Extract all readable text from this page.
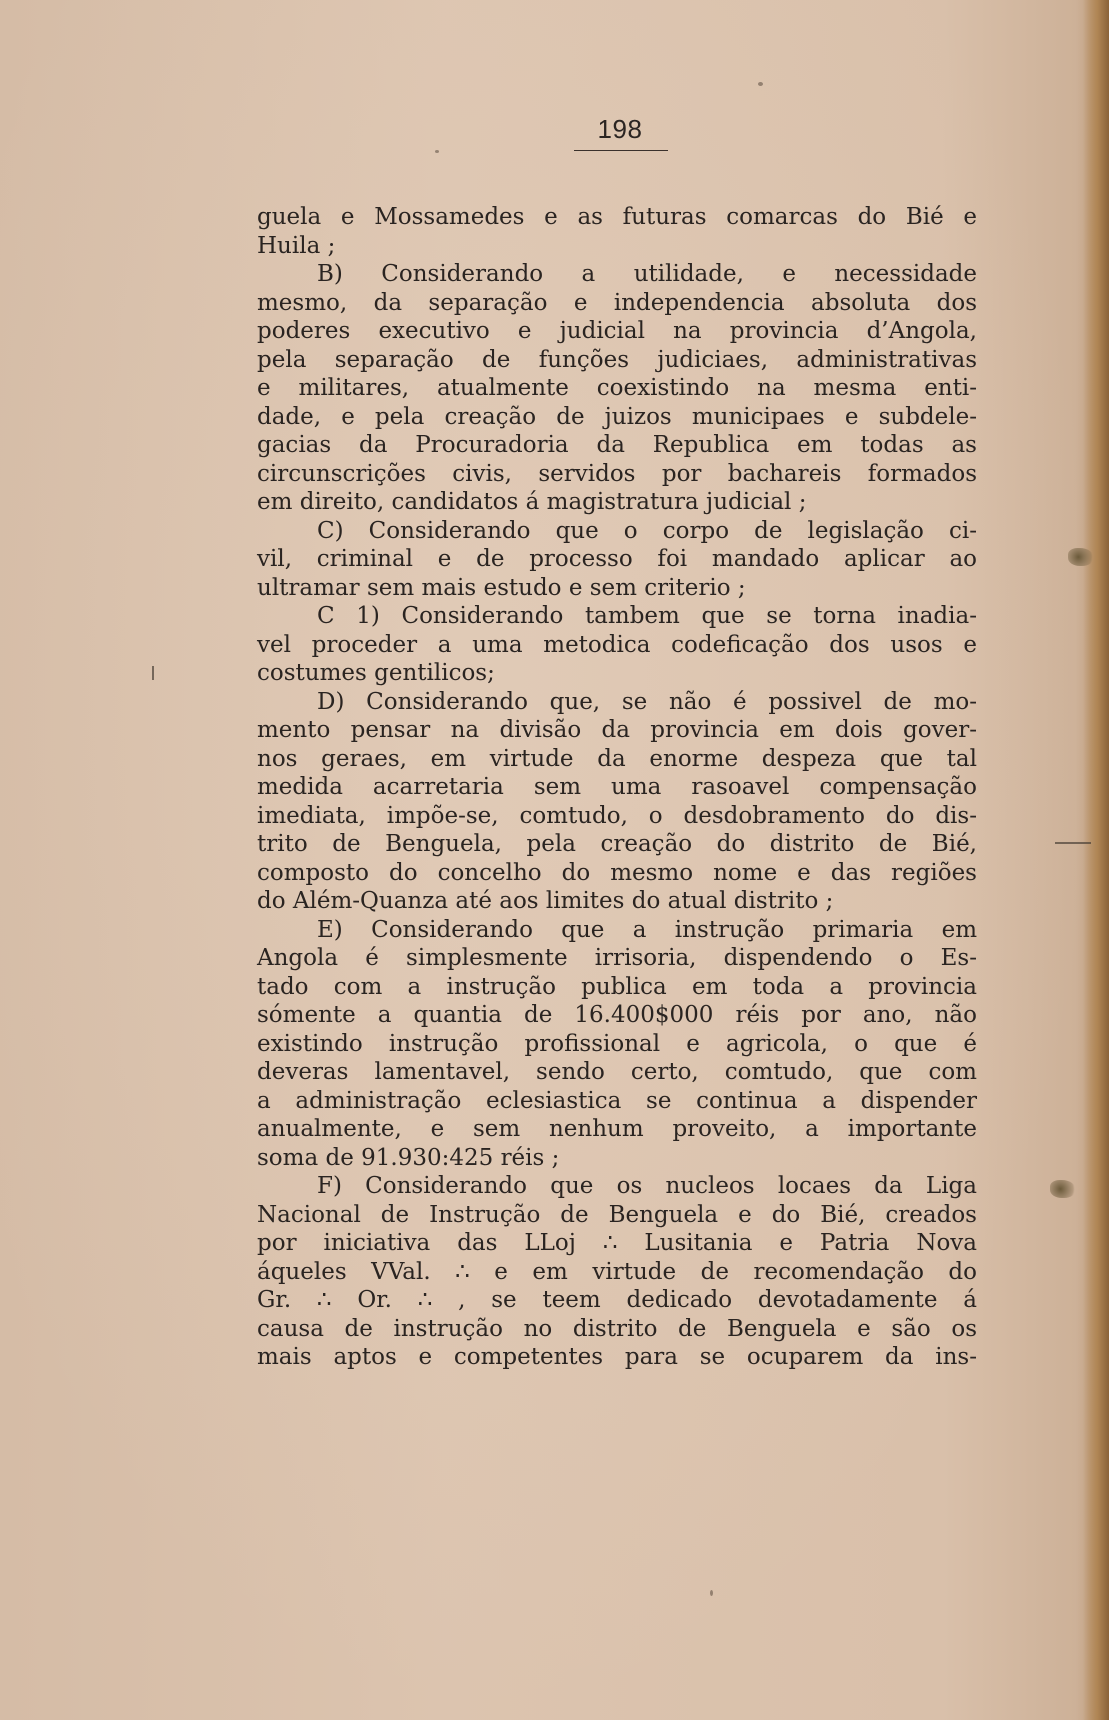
198
guela e Mossamedes e as futuras comarcas do Bié e
Huila ;
B) Considerando a utilidade, e necessidade
mesmo, da separação e independencia absoluta dos
poderes executivo e judicial na provincia d’Angola,
pela separação de funções judiciaes, administrativas
e militares, atualmente coexistindo na mesma enti-
dade, e pela creação de juizos municipaes e subdele-
gacias da Procuradoria da Republica em todas as
circunscrições civis, servidos por bachareis formados
em direito, candidatos á magistratura judicial ;
C) Considerando que o corpo de legislação ci-
vil, criminal e de processo foi mandado aplicar ao
ultramar sem mais estudo e sem criterio ;
C 1) Considerando tambem que se torna inadia-
vel proceder a uma metodica codeficação dos usos e
costumes gentilicos;
D) Considerando que, se não é possivel de mo-
mento pensar na divisão da provincia em dois gover-
nos geraes, em virtude da enorme despeza que tal
medida acarretaria sem uma rasoavel compensação
imediata, impõe-se, comtudo, o desdobramento do dis-
trito de Benguela, pela creação do distrito de Bié,
composto do concelho do mesmo nome e das regiões
do Além-Quanza até aos limites do atual distrito ;
E) Considerando que a instrução primaria em
Angola é simplesmente irrisoria, dispendendo o Es-
tado com a instrução publica em toda a provincia
sómente a quantia de 16.400$000 réis por ano, não
existindo instrução profissional e agricola, o que é
deveras lamentavel, sendo certo, comtudo, que com
a administração eclesiastica se continua a dispender
anualmente, e sem nenhum proveito, a importante
soma de 91.930:425 réis ;
F) Considerando que os nucleos locaes da Liga
Nacional de Instrução de Benguela e do Bié, creados
por iniciativa das LLoj ∴ Lusitania e Patria Nova
áqueles VVal. ∴ e em virtude de recomendação do
Gr. ∴ Or. ∴ , se teem dedicado devotadamente á
causa de instrução no distrito de Benguela e são os
mais aptos e competentes para se ocuparem da ins-
